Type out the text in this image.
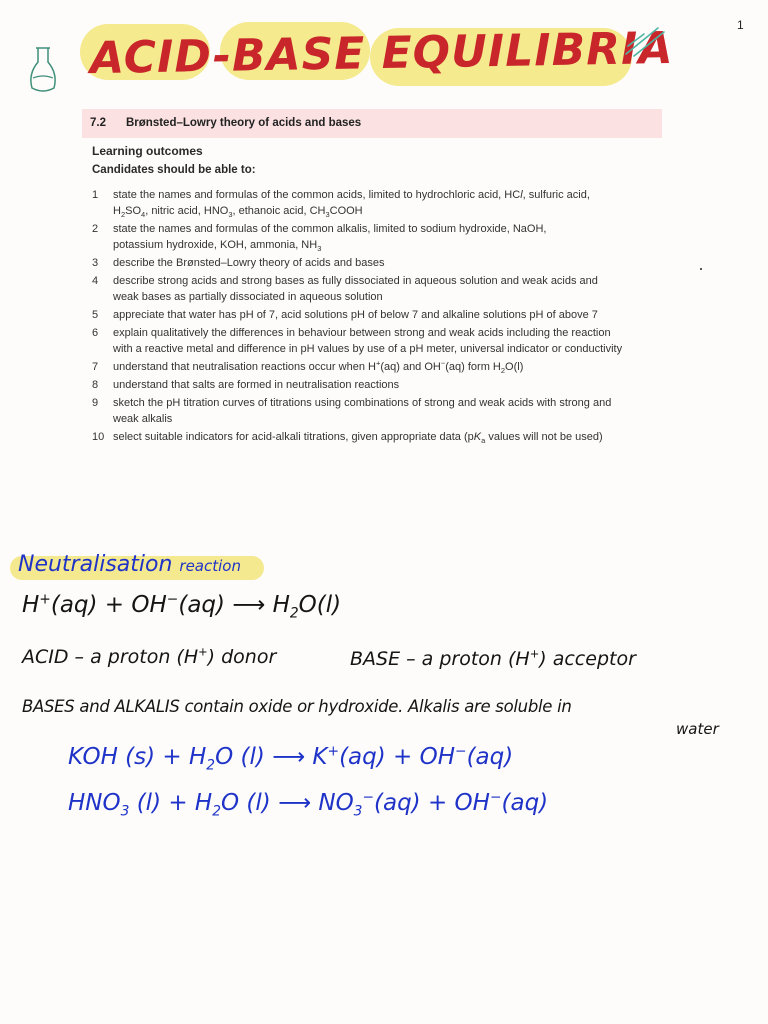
1
ACID-BASE EQUILIBRIA
7.2 Brønsted–Lowry theory of acids and bases
Learning outcomes
Candidates should be able to:
1 state the names and formulas of the common acids, limited to hydrochloric acid, HCl, sulfuric acid,
$H_2SO_4$, nitric acid, $HNO_3$, ethanoic acid, $CH_3COOH$
2 state the names and formulas of the common alkalis, limited to sodium hydroxide, NaOH,
potassium hydroxide, KOH, ammonia, $NH_3$
3 describe the Brønsted–Lowry theory of acids and bases
4 describe strong acids and strong bases as fully dissociated in aqueous solution and weak acids and
weak bases as partially dissociated in aqueous solution
5 appreciate that water has pH of 7, acid solutions pH of below 7 and alkaline solutions pH of above 7
6 explain qualitatively the differences in behaviour between strong and weak acids including the reaction
with a reactive metal and difference in pH values by use of a pH meter, universal indicator or conductivity
7 understand that neutralisation reactions occur when H+(aq) and OH−(aq) form $H_2O(l)$
8 understand that salts are formed in neutralisation reactions
9 sketch the pH titration curves of titrations using combinations of strong and weak acids with strong and
weak alkalis
10 select suitable indicators for acid-alkali titrations, given appropriate data ($pK_a$ values will not be used)
Neutralisation reaction
H+(aq) + OH−(aq) ⟶ $H_2O(l)$
ACID – a proton (H+) donor	BASE – a proton (H+) acceptor
BASES and ALKALIS contain oxide or hydroxide. Alkalis are soluble in
water
KOH $(s) + H_2O$ (l) ⟶ K+(aq) + OH−(aq)
$HNO_3$ $(l) + H_2O$ (l) ⟶ $NO_3^-(aq) + OH^-(aq)$
